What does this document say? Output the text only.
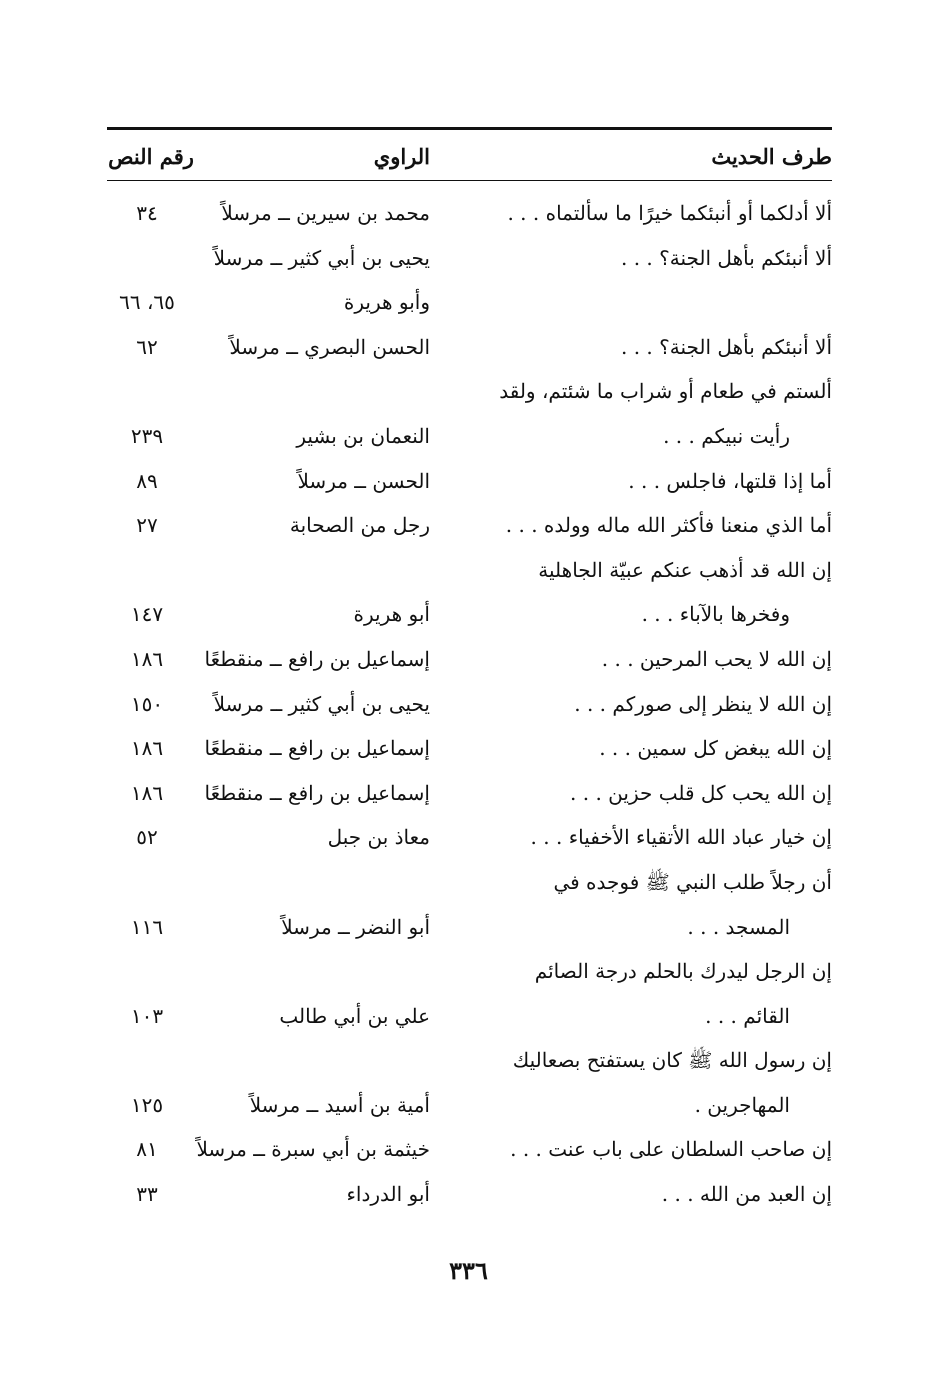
طرف الحديث
الراوي
رقم النص
ألا أدلكما أو أنبئكما خيرًا ما سألتماه . . .
محمد بن سيرين ــ مرسلاً
٣٤
ألا أنبئكم بأهل الجنة؟ . . .
يحيى بن أبي كثير ــ مرسلاً
وأبو هريرة
٦٥، ٦٦
ألا أنبئكم بأهل الجنة؟ . . .
الحسن البصري ــ مرسلاً
٦٢
ألستم في طعام أو شراب ما شئتم، ولقد
رأيت نبيكم . . .
النعمان بن بشير
٢٣٩
أما إذا قلتها، فاجلس . . .
الحسن ــ مرسلاً
٨٩
أما الذي منعنا فأكثر الله ماله وولده . . .
رجل من الصحابة
٢٧
إن الله قد أذهب عنكم عبيّة الجاهلية
وفخرها بالآباء . . .
أبو هريرة
١٤٧
إن الله لا يحب المرحين . . .
إسماعيل بن رافع ــ منقطعًا
١٨٦
إن الله لا ينظر إلى صوركم . . .
يحيى بن أبي كثير ــ مرسلاً
١٥٠
إن الله يبغض كل سمين . . .
إسماعيل بن رافع ــ منقطعًا
١٨٦
إن الله يحب كل قلب حزين . . .
إسماعيل بن رافع ــ منقطعًا
١٨٦
إن خيار عباد الله الأتقياء الأخفياء . . .
معاذ بن جبل
٥٢
أن رجلاً طلب النبي ﷺ فوجده في
المسجد . . .
أبو النضر ــ مرسلاً
١١٦
إن الرجل ليدرك بالحلم درجة الصائم
القائم . . .
علي بن أبي طالب
١٠٣
إن رسول الله ﷺ كان يستفتح بصعاليك
المهاجرين .
أمية بن أسيد ــ مرسلاً
١٢٥
إن صاحب السلطان على باب عنت . . .
خيثمة بن أبي سبرة ــ مرسلاً
٨١
إن العبد من الله . . .
أبو الدرداء
٣٣
٣٣٦
